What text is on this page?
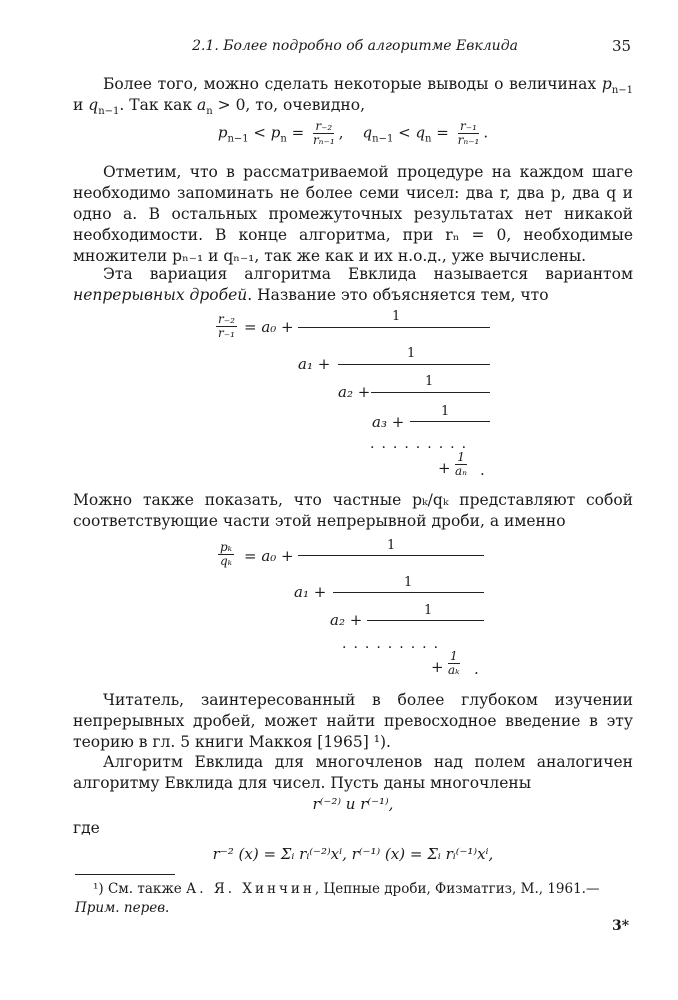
2.1. Более подробно об алгоритме Евклида	35
Более того, можно сделать некоторые выводы о величинах $p_{n-1}$ и $q_{n-1}$. Так как $a_n > 0$, то, очевидно,
$p_{n-1} < p_n = \frac{\text{r₋₂}}{\text{rₙ₋₁}}$ ,    $q_{n-1} < q_n = \frac{\text{r₋₁}}{\text{rₙ₋₁}}$ .
Отметим, что в рассматриваемой процедуре на каждом шаге необходимо запоминать не более семи чисел: два r, два p, два q и одно a. В остальных промежуточных результатах нет никакой необходимости. В конце алгоритма, при rₙ = 0, необходимые множители pₙ₋₁ и qₙ₋₁, так же как и их н.о.д., уже вычислены.
Эта вариация алгоритма Евклида называется вариантом непрерывных дробей. Название это объясняется тем, что
$\frac{\text{r₋₂}}{\text{r₋₁}} = a_0$ +
1
a₁ +
1
a₂ +
1
a₃ +
1
.........
+ $\frac{1}{\text{aₙ}}$ .
Можно также показать, что частные pₖ/qₖ представляют собой соответствующие части этой непрерывной дроби, а именно
$\frac{\text{pₖ}}{\text{qₖ}} = a_0$ +
1
a₁ +
1
a₂ +
1
.........
+ $\frac{1}{\text{aₖ}}$ .
Читатель, заинтересованный в более глубоком изучении непрерывных дробей, может найти превосходное введение в эту теорию в гл. 5 книги Маккоя [1965] ¹).
Алгоритм Евклида для многочленов над полем аналогичен алгоритму Евклида для чисел. Пусть даны многочлены
r⁽⁻²⁾ и r⁽⁻¹⁾,
где
r⁻² (x) = Σᵢ rᵢ⁽⁻²⁾xⁱ, r⁽⁻¹⁾ (x) = Σᵢ rᵢ⁽⁻¹⁾xⁱ,
¹) См. также А. Я. Хинчин, Цепные дроби, Физматгиз, М., 1961.—
Прим. перев.
3*
